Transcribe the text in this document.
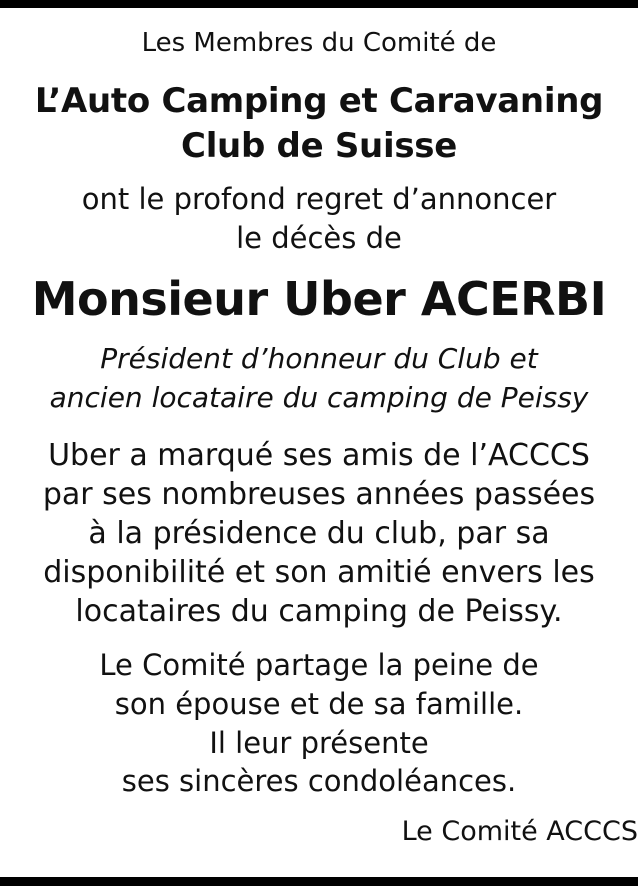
Les Membres du Comité de
L’Auto Camping et Caravaning
Club de Suisse
ont le profond regret d’annoncer
le décès de
Monsieur Uber ACERBI
Président d’honneur du Club et
ancien locataire du camping de Peissy
Uber a marqué ses amis de l’ACCCS
par ses nombreuses années passées
à la présidence du club, par sa
disponibilité et son amitié envers les
locataires du camping de Peissy.
Le Comité partage la peine de
son épouse et de sa famille.
Il leur présente
ses sincères condoléances.
Le Comité ACCCS
